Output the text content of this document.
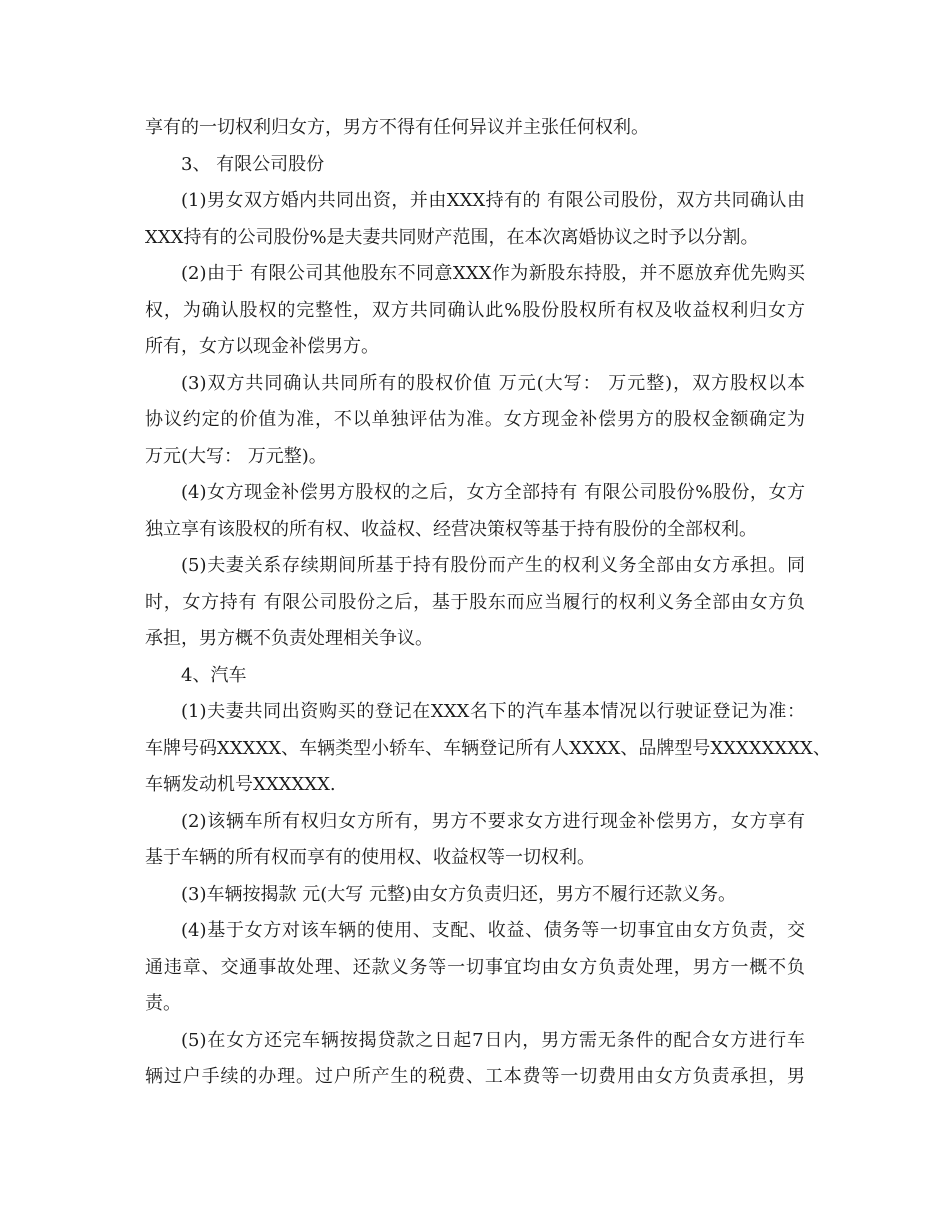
享有的一切权利归女方，男方不得有任何异议并主张任何权利。
3、 有限公司股份
(1)男女双方婚内共同出资，并由XXX持有的 有限公司股份，双方共同确认由
XXX持有的公司股份%是夫妻共同财产范围，在本次离婚协议之时予以分割。
(2)由于 有限公司其他股东不同意XXX作为新股东持股，并不愿放弃优先购买
权，为确认股权的完整性，双方共同确认此%股份股权所有权及收益权利归女方
所有，女方以现金补偿男方。
(3)双方共同确认共同所有的股权价值 万元(大写： 万元整)，双方股权以本
协议约定的价值为准，不以单独评估为准。女方现金补偿男方的股权金额确定为
万元(大写： 万元整)。
(4)女方现金补偿男方股权的之后，女方全部持有 有限公司股份%股份，女方
独立享有该股权的所有权、收益权、经营决策权等基于持有股份的全部权利。
(5)夫妻关系存续期间所基于持有股份而产生的权利义务全部由女方承担。同
时，女方持有 有限公司股份之后，基于股东而应当履行的权利义务全部由女方负
承担，男方概不负责处理相关争议。
4、汽车
(1)夫妻共同出资购买的登记在XXX名下的汽车基本情况以行驶证登记为准：
车牌号码XXXXX、车辆类型小轿车、车辆登记所有人XXXX、品牌型号XXXXXXXX、
车辆发动机号XXXXXX.
(2)该辆车所有权归女方所有，男方不要求女方进行现金补偿男方，女方享有
基于车辆的所有权而享有的使用权、收益权等一切权利。
(3)车辆按揭款 元(大写 元整)由女方负责归还，男方不履行还款义务。
(4)基于女方对该车辆的使用、支配、收益、债务等一切事宜由女方负责，交
通违章、交通事故处理、还款义务等一切事宜均由女方负责处理，男方一概不负
责。
(5)在女方还完车辆按揭贷款之日起7日内，男方需无条件的配合女方进行车
辆过户手续的办理。过户所产生的税费、工本费等一切费用由女方负责承担，男
